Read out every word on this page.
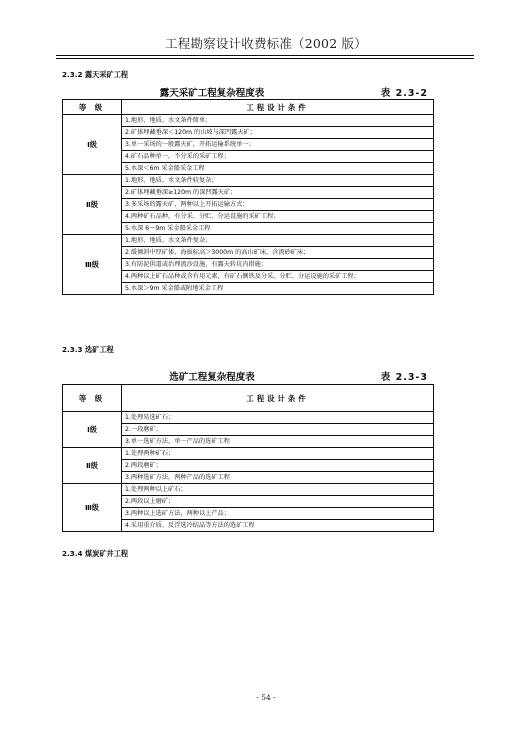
工程勘察设计收费标准（2002 版）
2.3.2 露天采矿工程
露天采矿工程复杂程度表	表 2.3-2
等 级	工程设计条件
Ⅰ级	1.地形、地质、水文条件简单；
2.矿体埋藏垂深＜120m 的山坡与深凹露天矿；
3.单一采场的一般露天矿，开拓运输系统单一；
4.矿石品种单一，不分采的采矿工程；
5.水深＜6m 采金船采金工程

Ⅱ级	1.地形、地质、水文条件较复杂；
2.矿体埋藏垂深≥120m 的深凹露天矿；
3.多采场的露天矿，两种以上开拓运输方式；
4.两种矿石品种，有分采、分贮、分运设施的采矿工程；
5.水深 6～9m 采金船采金工程

Ⅲ级	1.地形、地质、水文条件复杂；
2.缓倾斜中厚矿体、海拔标高＞3000m 的高山矿床、含流砂矿床；
3.有防泥供道或治理流沙设施，有露天转坑内措施；
4.两种以上矿石品种或含有用元素，有矿石侧铁及分采、分贮、分运设施的采矿工程；
5.水深＞9m 采金船或附地采金工程
2.3.3 选矿工程
选矿工程复杂程度表	表 2.3-3
等 级	工程设计条件
Ⅰ级	1.处理易选矿石；
2.一段磨矿；
3.单一选矿方法，单一产品的选矿工程

Ⅱ级	1.处理两种矿石；
2.两段磨矿；
3.两种选矿方法，两种产品的选矿工程

Ⅲ级	1.处理两种以上矿石；
2.两段以上磨矿；
3.两种以上选矿方法，两种以上产品；
4.采用重介质、反浮选冷结晶等方法的选矿工程
2.3.4 煤炭矿井工程
- 54 -
